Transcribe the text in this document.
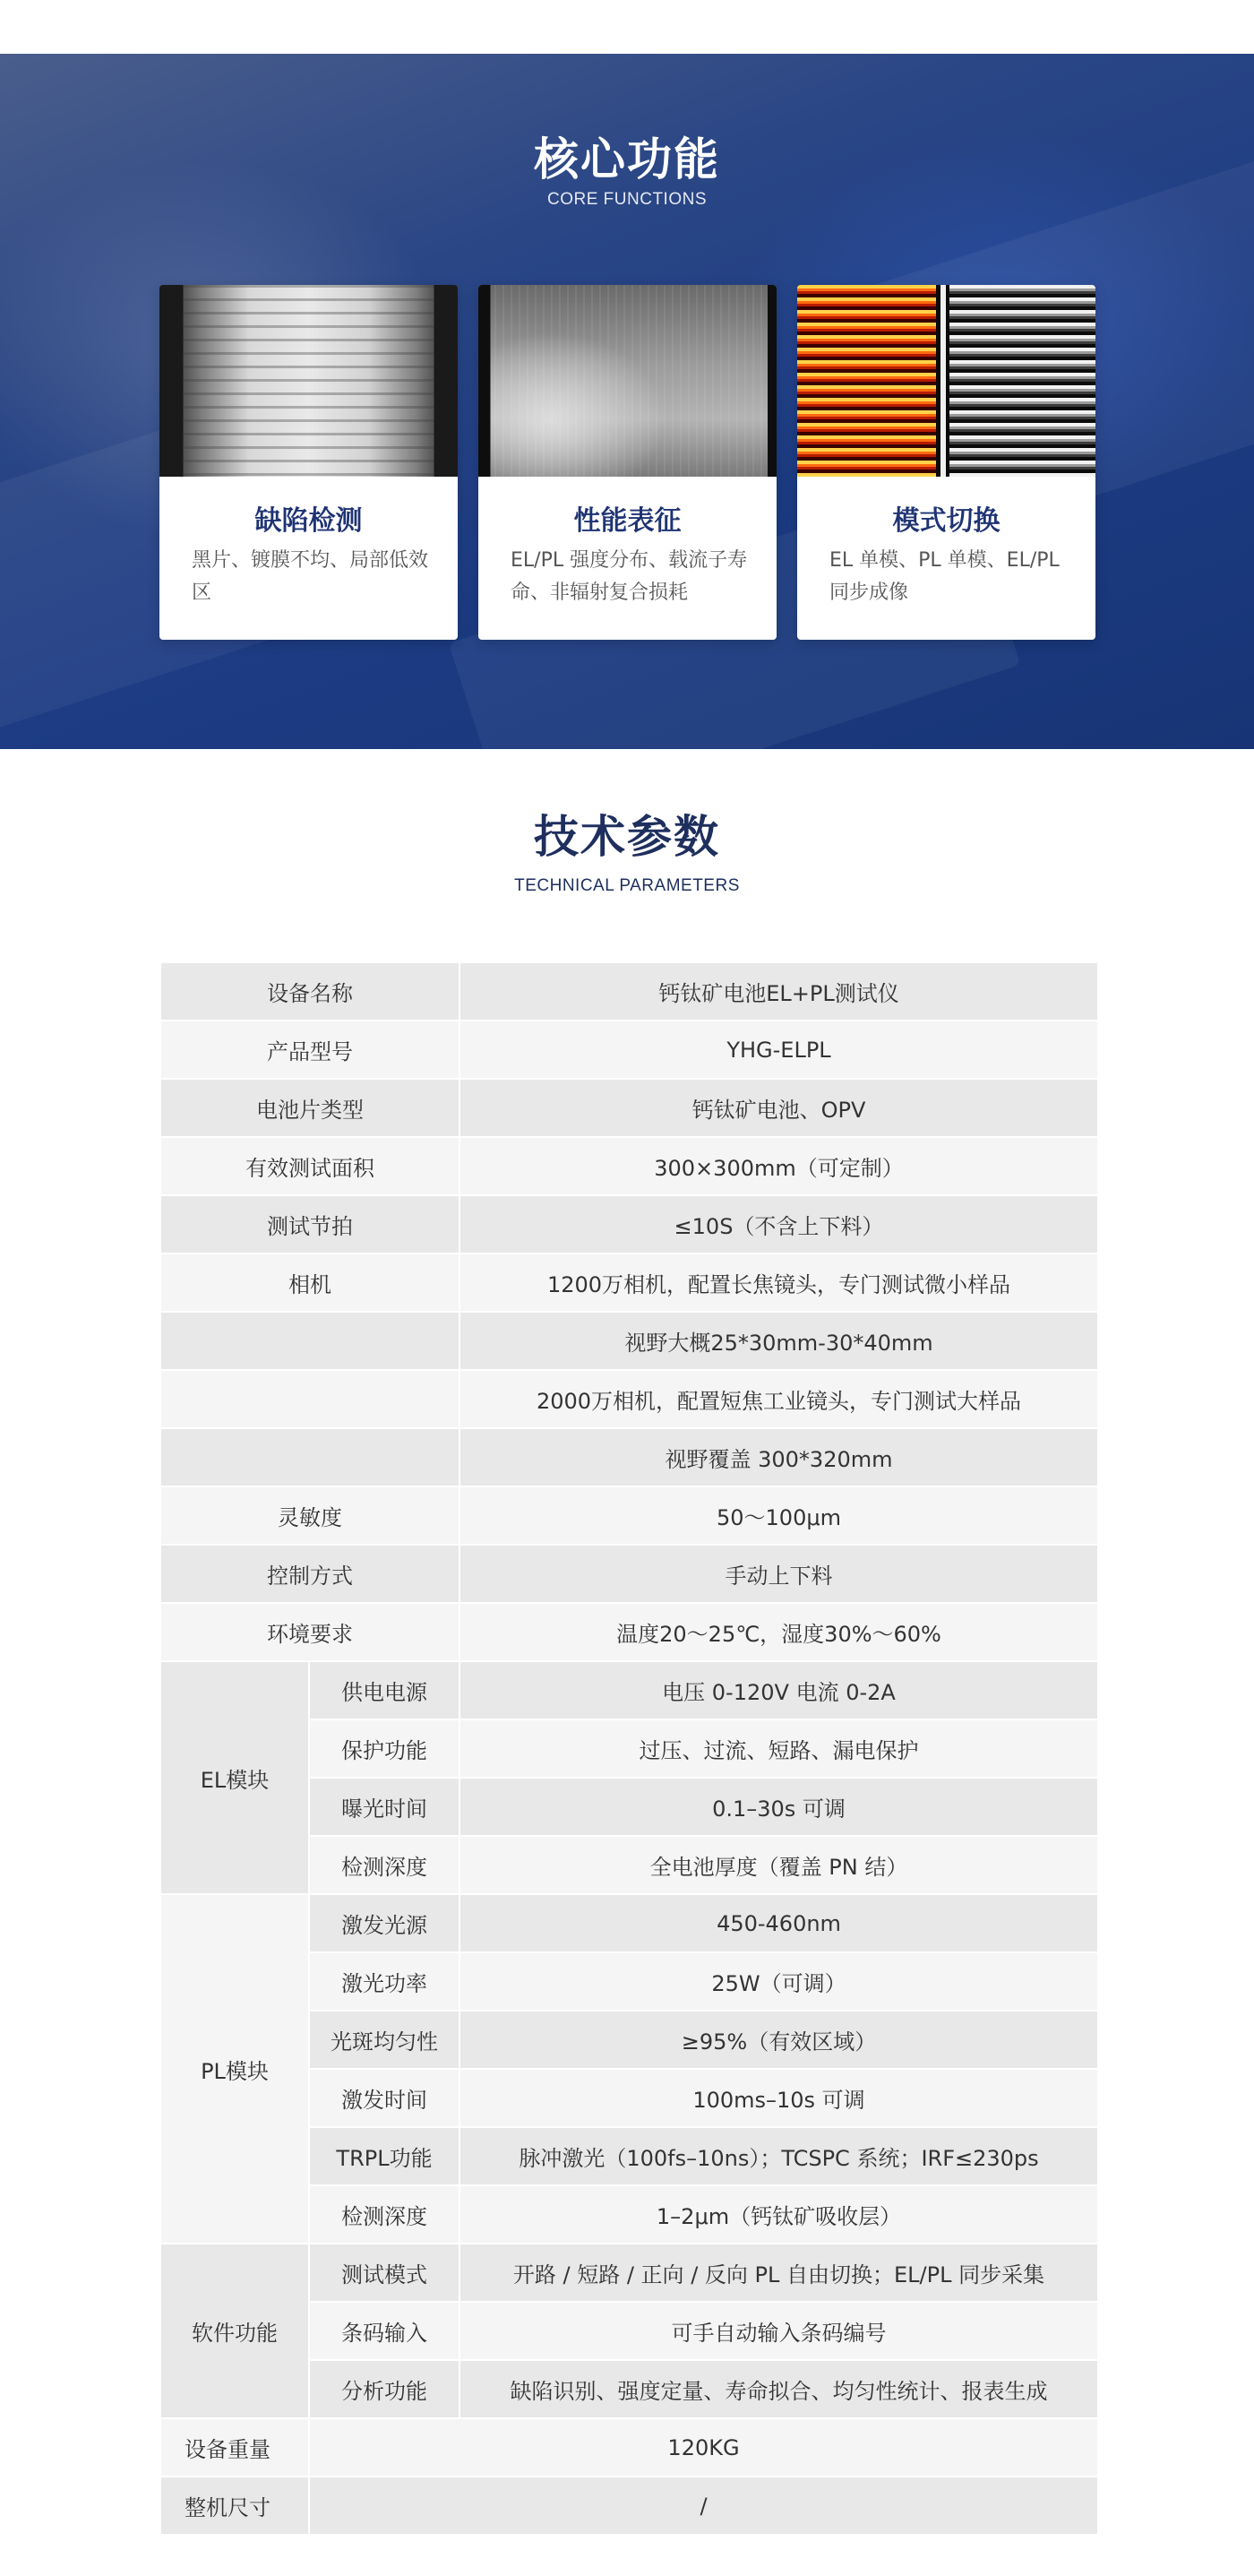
核心功能
CORE FUNCTIONS
缺陷检测
黑片、镀膜不均、局部低效区
性能表征
EL/PL 强度分布、载流子寿命、非辐射复合损耗
模式切换
EL 单模、PL 单模、EL/PL 同步成像
技术参数
TECHNICAL PARAMETERS
设备名称		钙钛矿电池EL+PL测试仪
产品型号		YHG-ELPL
电池片类型		钙钛矿电池、OPV
有效测试面积		300×300mm（可定制）
测试节拍		≤10S（不含上下料）
相机		1200万相机，配置长焦镜头，专门测试微小样品
		视野大概25*30mm-30*40mm
		2000万相机，配置短焦工业镜头，专门测试大样品
		视野覆盖 300*320mm
灵敏度		50～100μm
控制方式		手动上下料
环境要求		温度20～25℃，湿度30%～60%
EL模块	供电电源	电压 0-120V 电流 0-2A
	保护功能	过压、过流、短路、漏电保护
	曝光时间	0.1–30s 可调
	检测深度	全电池厚度（覆盖 PN 结）
PL模块	激发光源	450-460nm
	激光功率	25W（可调）
	光斑均匀性	≥95%（有效区域）
	激发时间	100ms–10s 可调
	TRPL功能	脉冲激光（100fs–10ns）；TCSPC 系统；IRF≤230ps
	检测深度	1–2μm（钙钛矿吸收层）
软件功能	测试模式	开路 / 短路 / 正向 / 反向 PL 自由切换；EL/PL 同步采集
	条码输入	可手自动输入条码编号
	分析功能	缺陷识别、强度定量、寿命拟合、均匀性统计、报表生成
设备重量	120KG	
整机尺寸	/	
